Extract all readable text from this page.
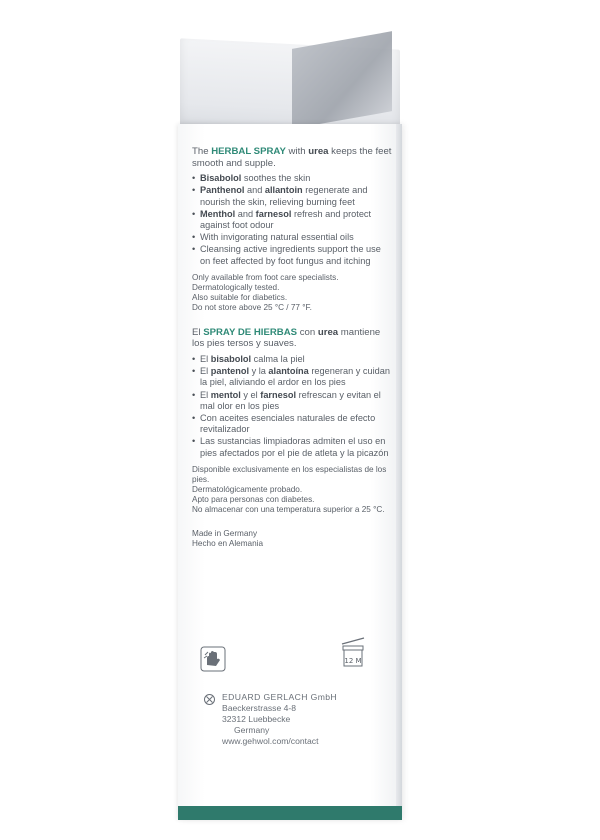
The HERBAL SPRAY with urea keeps the feet smooth and supple.

• Bisabolol soothes the skin
• Panthenol and allantoin regenerate and nourish the skin, relieving burning feet
• Menthol and farnesol refresh and protect against foot odour
• With invigorating natural essential oils
• Cleansing active ingredients support the use on feet affected by foot fungus and itching
Only available from foot care specialists.
Dermatologically tested.
Also suitable for diabetics.
Do not store above 25 °C / 77 °F.

El SPRAY DE HIERBAS con urea mantiene los pies tersos y suaves.

• El bisabolol calma la piel
• El pantenol y la alantoína regeneran y cuidan la piel, aliviando el ardor en los pies
• El mentol y el farnesol refrescan y evitan el mal olor en los pies
• Con aceites esenciales naturales de efecto revitalizador
• Las sustancias limpiadoras admiten el uso en pies afectados por el pie de atleta y la picazón
Disponible exclusivamente en los especialistas de los pies.
Dermatológicamente probado.
Apto para personas con diabetes.
No almacenar con una temperatura superior a 25 °C.
Made in Germany
Hecho en Alemania
12 M
EDUARD GERLACH GmbH
Baeckerstrasse 4-8
32312 Luebbecke
Germany
www.gehwol.com/contact
